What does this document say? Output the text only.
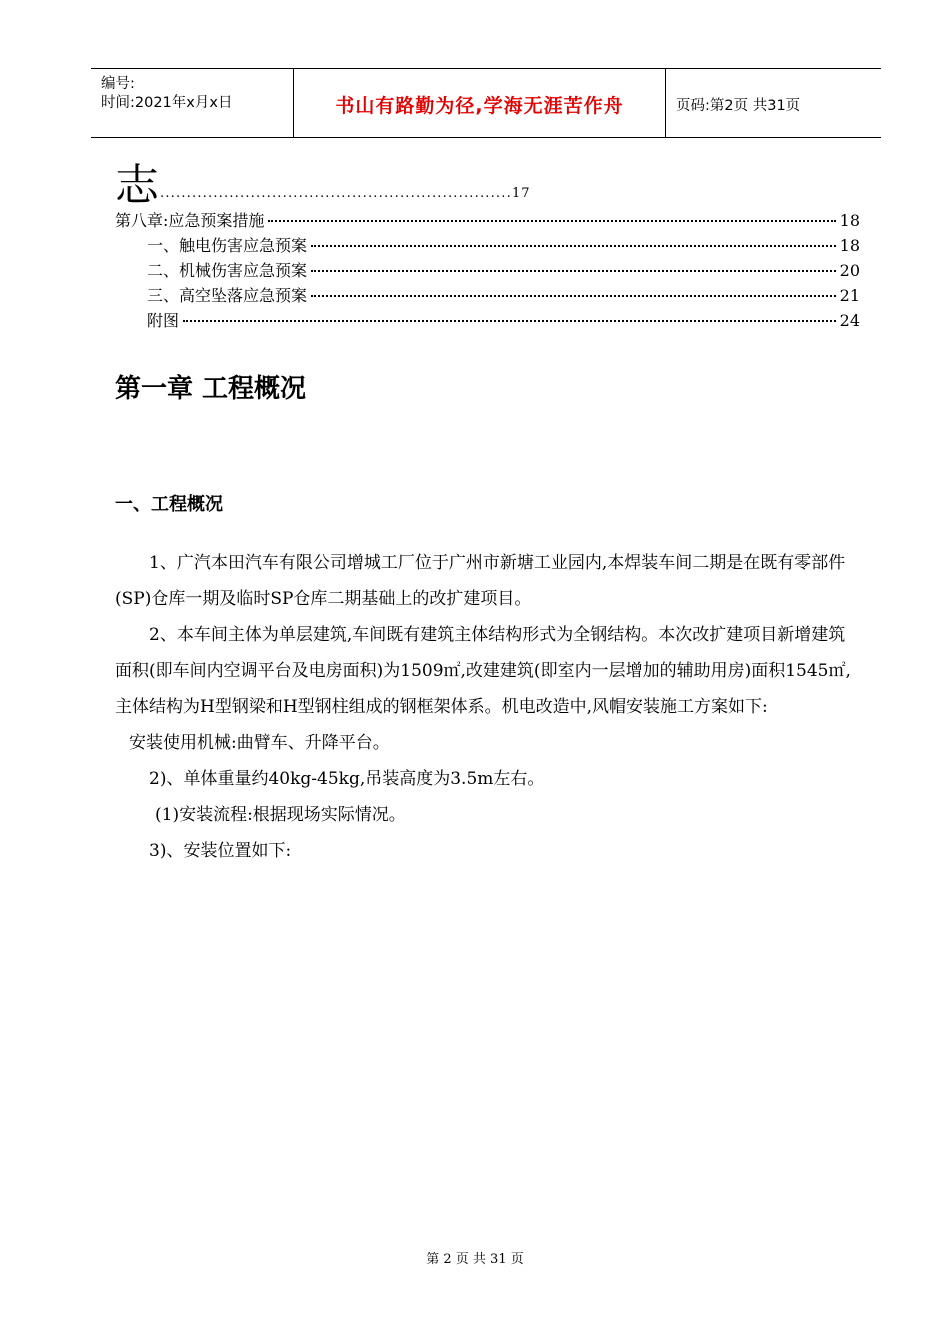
编号:
时间:2021年x月x日	书山有路勤为径,学海无涯苦作舟	页码:第2页 共31页
志 ..................................................................17
第八章:应急预案措施	18
一、触电伤害应急预案	18
二、机械伤害应急预案	20
三、高空坠落应急预案	21
附图	24
第一章 工程概况
一、工程概况

1、广汽本田汽车有限公司增城工厂位于广州市新塘工业园内,本焊装车间二期是在既有零部件(SP)仓库一期及临时SP仓库二期基础上的改扩建项目。

2、本车间主体为单层建筑,车间既有建筑主体结构形式为全钢结构。本次改扩建项目新增建筑面积(即车间内空调平台及电房面积)为1509㎡,改建建筑(即室内一层增加的辅助用房)面积1545㎡,主体结构为H型钢梁和H型钢柱组成的钢框架体系。机电改造中,风帽安装施工方案如下:

安装使用机械:曲臂车、升降平台。

2)、单体重量约40kg-45kg,吊装高度为3.5m左右。

(1)安装流程:根据现场实际情况。

3)、安装位置如下:

第 2 页 共 31 页
